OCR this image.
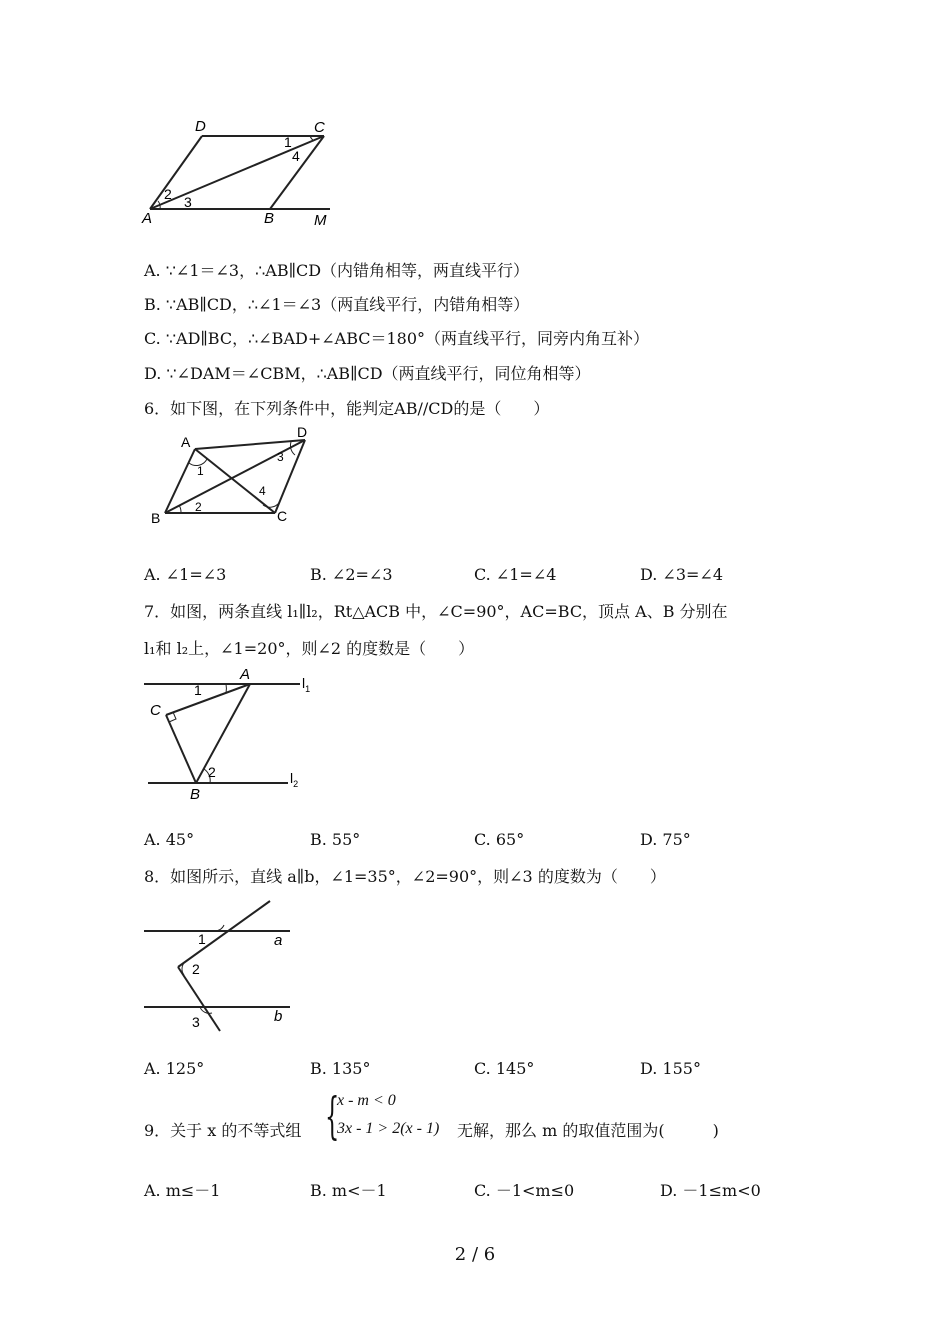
D	C
A	B	M
1
4
2 3
A. ∵∠1＝∠3，∴AB∥CD（内错角相等，两直线平行）
B. ∵AB∥CD，∴∠1＝∠3（两直线平行，内错角相等）
C. ∵AD∥BC，∴∠BAD+∠ABC＝180°（两直线平行，同旁内角互补）
D. ∵∠DAM＝∠CBM，∴AB∥CD（两直线平行，同位角相等）
6．如下图，在下列条件中，能判定AB//CD的是（　　）
A
D
B	C
1
2
3
4
A. ∠1=∠3	B. ∠2=∠3	C. ∠1=∠4	D. ∠3=∠4
7．如图，两条直线 l₁∥l₂，Rt△ACB 中，∠C=90°，AC=BC，顶点 A、B 分别在
l₁和 l₂上，∠1=20°，则∠2 的度数是（　　）
A
C
B
$l_1$
$l_2$
1
2
A. 45°	B. 55°	C. 65°	D. 75°
8．如图所示，直线 a∥b，∠1=35°，∠2=90°，则∠3 的度数为（　　）
a
b
1
2
3
A. 125°	B. 135°	C. 145°	D. 155°
9．关于 x 的不等式组 {
x - m < 0
3x - 1 > 2(x - 1) 无解，那么 m 的取值范围为(　　　)
A. m≤－1	B. m<－1	C. －1<m≤0	D. －1≤m<0
2 / 6
